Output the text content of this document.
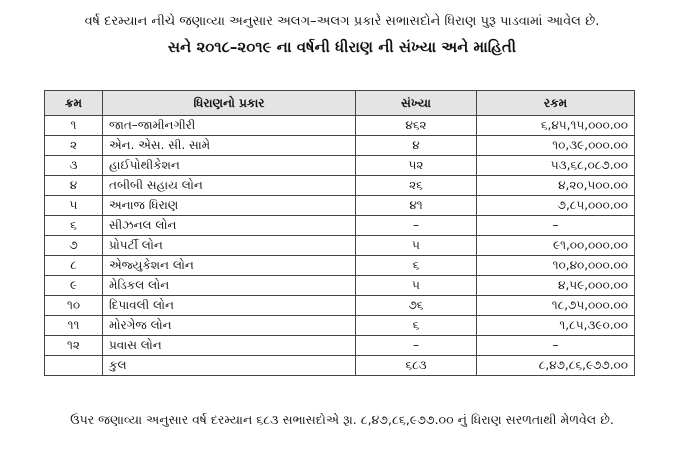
વર્ષ દરમ્યાન નીચે જણાવ્યા અનુસાર અલગ–અલગ પ્રકારે સભાસદોને ધિરાણ પુરૂ પાડવામાં આવેલ છે.
સને ૨૦૧૮–૨૦૧૯ ના વર્ષની ધીરાણ ની સંખ્યા અને માહિતી
ક્રમ	ધિરાણનો પ્રકાર	સંખ્યા	રકમ
૧	જાત–જામીનગીરી	૪૬૨	૬,૪૫,૧૫,૦૦૦.૦૦
૨	એન. એસ. સી. સામે	૪	૧૦,૩૯,૦૦૦.૦૦
૩	હાઈપોથીકેશન	૫૨	૫૩,૬૮,૦૮૭.૦૦
૪	તબીબી સહાય લોન	૨૬	૪,૨૦,૫૦૦.૦૦
૫	અનાજ ધિરાણ	૪૧	૭,૮૫,૦૦૦.૦૦
૬	સીઝનલ લોન	–	–
૭	પ્રોપર્ટી લોન	૫	૯૧,૦૦,૦૦૦.૦૦
૮	એજ્યુકેશન લોન	૬	૧૦,૪૦,૦૦૦.૦૦
૯	મેડિકલ લોન	૫	૪,૫૯,૦૦૦.૦૦
૧૦	દિપાવલી લોન	૭૬	૧૮,૭૫,૦૦૦.૦૦
૧૧	મોરગેજ લોન	૬	૧,૮૫,૩૯૦.૦૦
૧૨	પ્રવાસ લોન	–	–
	કુલ	૬૮૩	૮,૪૭,૮૬,૯૭૭.૦૦
ઉપર જણાવ્યા અનુસાર વર્ષ દરમ્યાન ૬૮૩ સભાસદોએ રૂા. ૮,૪૭,૮૬,૯૭૭.૦૦ નું ધિરાણ સરળતાથી મેળવેલ છે.
